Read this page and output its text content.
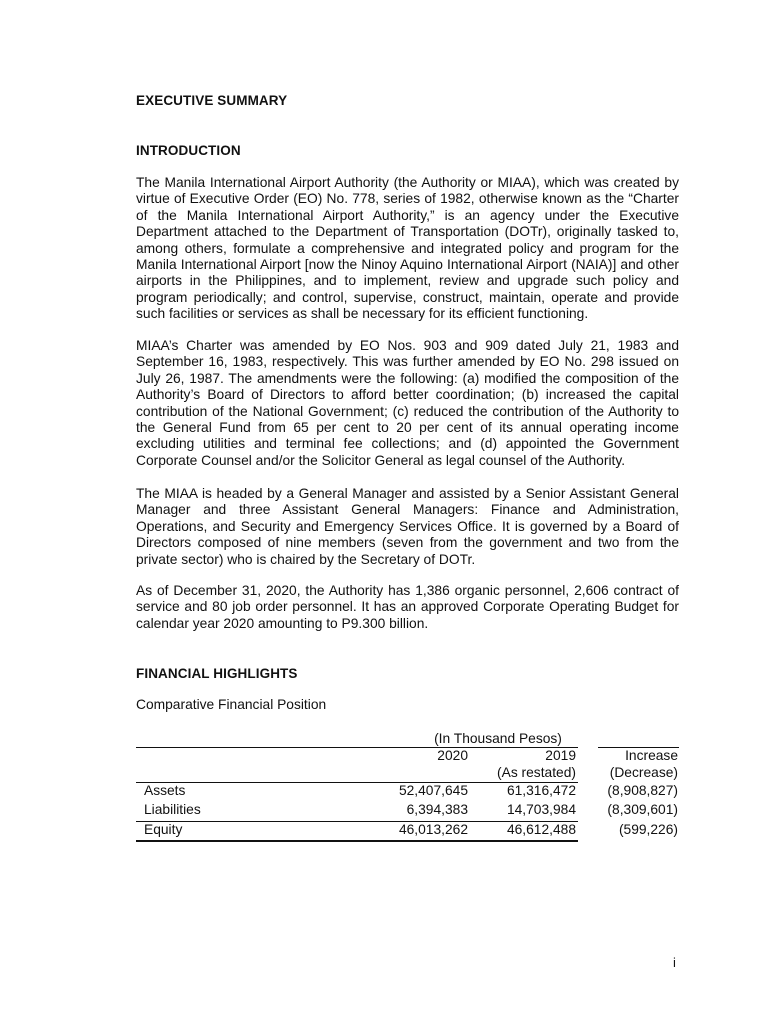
EXECUTIVE SUMMARY
INTRODUCTION

The Manila International Airport Authority (the Authority or MIAA), which was created by virtue of Executive Order (EO) No. 778, series of 1982, otherwise known as the “Charter of the Manila International Airport Authority,” is an agency under the Executive Department attached to the Department of Transportation (DOTr), originally tasked to, among others, formulate a comprehensive and integrated policy and program for the Manila International Airport [now the Ninoy Aquino International Airport (NAIA)] and other airports in the Philippines, and to implement, review and upgrade such policy and program periodically; and control, supervise, construct, maintain, operate and provide such facilities or services as shall be necessary for its efficient functioning.

MIAA’s Charter was amended by EO Nos. 903 and 909 dated July 21, 1983 and September 16, 1983, respectively. This was further amended by EO No. 298 issued on July 26, 1987. The amendments were the following: (a) modified the composition of the Authority’s Board of Directors to afford better coordination; (b) increased the capital contribution of the National Government; (c) reduced the contribution of the Authority to the General Fund from 65 per cent to 20 per cent of its annual operating income excluding utilities and terminal fee collections; and (d) appointed the Government Corporate Counsel and/or the Solicitor General as legal counsel of the Authority.

The MIAA is headed by a General Manager and assisted by a Senior Assistant General Manager and three Assistant General Managers: Finance and Administration, Operations, and Security and Emergency Services Office. It is governed by a Board of Directors composed of nine members (seven from the government and two from the private sector) who is chaired by the Secretary of DOTr.

As of December 31, 2020, the Authority has 1,386 organic personnel, 2,606 contract of service and 80 job order personnel. It has an approved Corporate Operating Budget for calendar year 2020 amounting to P9.300 billion.

FINANCIAL HIGHLIGHTS

Comparative Financial Position

(In Thousand Pesos)
2020	2019
(As restated)
Increase
(Decrease)
Assets	52,407,645	61,316,472	(8,908,827)
Liabilities	6,394,383	14,703,984	(8,309,601)
Equity	46,013,262	46,612,488	(599,226)
i
